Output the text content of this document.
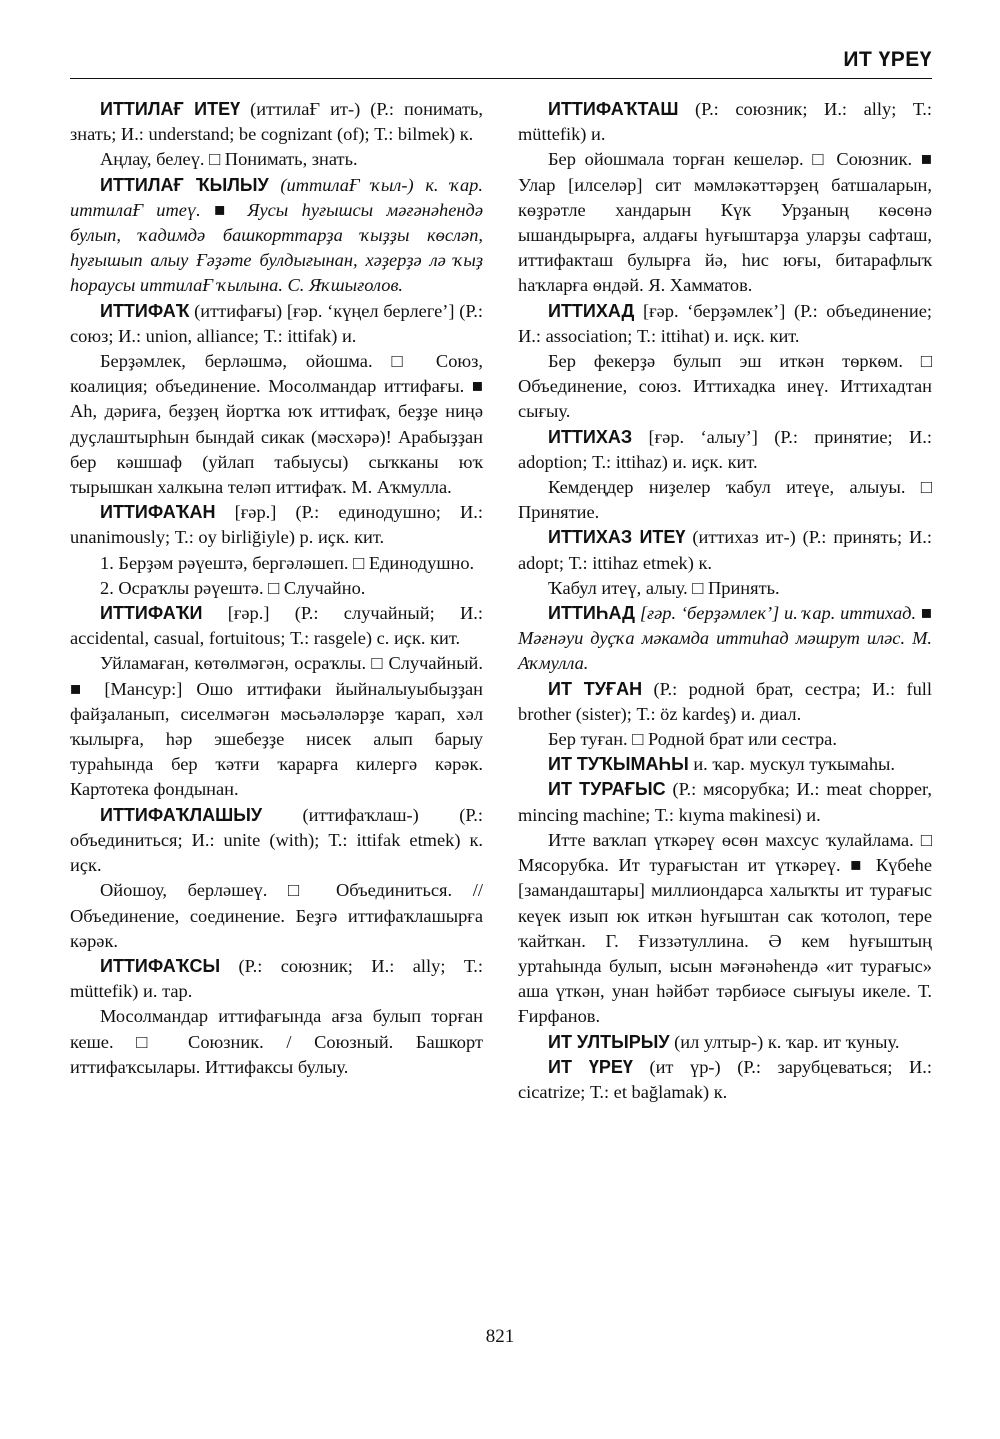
ИТ ҮРЕҮ

ИТТИЛАҒ ИТЕҮ (иттилаҒ ит-) (Р.: понимать, знать; И.: understand; be cognizant (of); Т.: bilmek) к.

Аңлау, белеү. □ Понимать, знать.

ИТТИЛАҒ ҠЫЛЫУ (иттилаҒ ҡыл-) к. ҡар. иттилаҒ итеү. ■ Яусы һуғышсы мәғәнәһендә булып, ҡадимдә башкорттарҙа ҡыҙҙы кѳсләп, һуғышып алыу Ғәҙәте булдығынан, хәҙерҙә лә ҡыҙ һораусы иттилаҒ ҡылына. С. Яҡшығолов.

ИТТИФАҠ (иттифағы) [ғәр. ‘күңел берлеге’] (Р.: союз; И.: union, alliance; Т.: ittifak) и.

Берҙәмлек, берләшмә, ойошма. □ Союз, коалиция; объединение. Мосолмандар иттифағы. ■ Аh, дәриға, беҙҙең йортҡа юҡ иттифаҡ, беҙҙе ниңә дуҫлаштырһын бындай сикак (мәсхәрә)! Арабыҙҙан бер кәшшаф (уйлап табыусы) сыҡканы юҡ тырышкан халкына теләп иттифаҡ. М. Аҡмулла.

ИТТИФАҠАН [ғәр.] (Р.: единодушно; И.: unanimously; Т.: oy birliğiyle) р. иҫк. кит.

1. Берҙәм рәүештә, бергәләшеп. □ Единодушно.

2. Осраҡлы рәүештә. □ Случайно.

ИТТИФАҠИ [ғәр.] (Р.: случайный; И.: accidental, casual, fortuitous; Т.: rasgele) с. иҫк. кит.

Уйламаған, кѳтѳлмәгән, осраҡлы. □ Случайный. ■ [Мансур:] Ошо иттифаки йыйналыуыбыҙҙан файҙаланып, сиселмәгән мәсьәләләрҙе ҡарап, хәл ҡылырға, һәр эшебеҙҙе нисек алып барыу тураһында бер ҡәтғи ҡарарға килергә кәрәк. Картотека фондынан.

ИТТИФАҠЛАШЫУ (иттифаҡлаш-) (Р.: объединиться; И.: unite (with); Т.: ittifak etmek) к. иҫк.

Ойошоу, берләшеү. □ Объединиться. // Объединение, соединение. Беҙгә иттифаҡлашырға кәрәк.

ИТТИФАҠСЫ (Р.: союзник; И.: ally; Т.: müttefik) и. тар.

Мосолмандар иттифағында ағза булып торған кеше. □ Союзник. / Союзный. Башкорт иттифаҡсылары. Иттифаксы булыу.

ИТТИФАҠТАШ (Р.: союзник; И.: ally; Т.: müttefik) и.

Бер ойошмала торған кешеләр. □ Союзник. ■ Улар [илселәр] сит мәмләкәттәрҙең батшаларын, кѳҙрәтле хандарын Күк Урҙаның кѳсѳнә ышандырырға, алдағы һуғыштарҙа уларҙы сафташ, иттифакташ булырға йә, һис юғы, битарафлыҡ һаҡларға ѳндәй. Я. Хамматов.

ИТТИХАД [ғәр. ‘берҙәмлек’] (Р.: объединение; И.: association; Т.: ittihat) и. иҫк. кит.

Бер фекерҙә булып эш иткән тѳркѳм. □ Объединение, союз. Иттихадка инеү. Иттихадтан сығыу.

ИТТИХАЗ [ғәр. ‘алыу’] (Р.: принятие; И.: adoption; Т.: ittihaz) и. иҫк. кит.

Кемдеңдер ниҙелер ҡабул итеүе, алыуы. □ Принятие.

ИТТИХАЗ ИТЕҮ (иттихаз ит-) (Р.: принять; И.: adopt; Т.: ittihaz etmek) к.

Ҡабул итеү, алыу. □ Принять.

ИТТИҺАД [ғәр. ‘берҙәмлек’] и. ҡар. иттихад. ■ Мәғнәуи дуҫҡа мәкамда иттиһад мәшрут иләс. М. Аҡмулла.

ИТ ТУҒАН (Р.: родной брат, сестра; И.: full brother (sister); Т.: öz kardeş) и. диал.

Бер туған. □ Родной брат или сестра.

ИТ ТУҠЫМАҺЫ и. ҡар. мускул туҡымаһы.

ИТ ТУРАҒЫС (Р.: мясорубка; И.: meat chopper, mincing machine; Т.: kıyma makinesi) и.

Итте ваҡлап үткәреү ѳсѳн махсус ҡулайлама. □ Мясорубка. Ит турағыстан ит үткәреү. ■ Күбеһе [замандаштары] миллиондарса халыҡты ит турағыс кеүек изып юк иткән һуғыштан сак ҡотолоп, тере ҡайткан. Г. Ғиззәтуллина. Ә кем һуғыштың уртаһында булып, ысын мәғәнәһендә «ит турағыс» аша үткән, унан һәйбәт тәрбиәсе сығыуы икеле. Т. Ғирфанов.

ИТ УЛТЫРЫУ (ил ултыр-) к. ҡар. ит ҡуныу.

ИТ ҮРЕҮ (ит үр-) (Р.: зарубцеваться; И.: cicatrize; Т.: et bağlamak) к.

821
